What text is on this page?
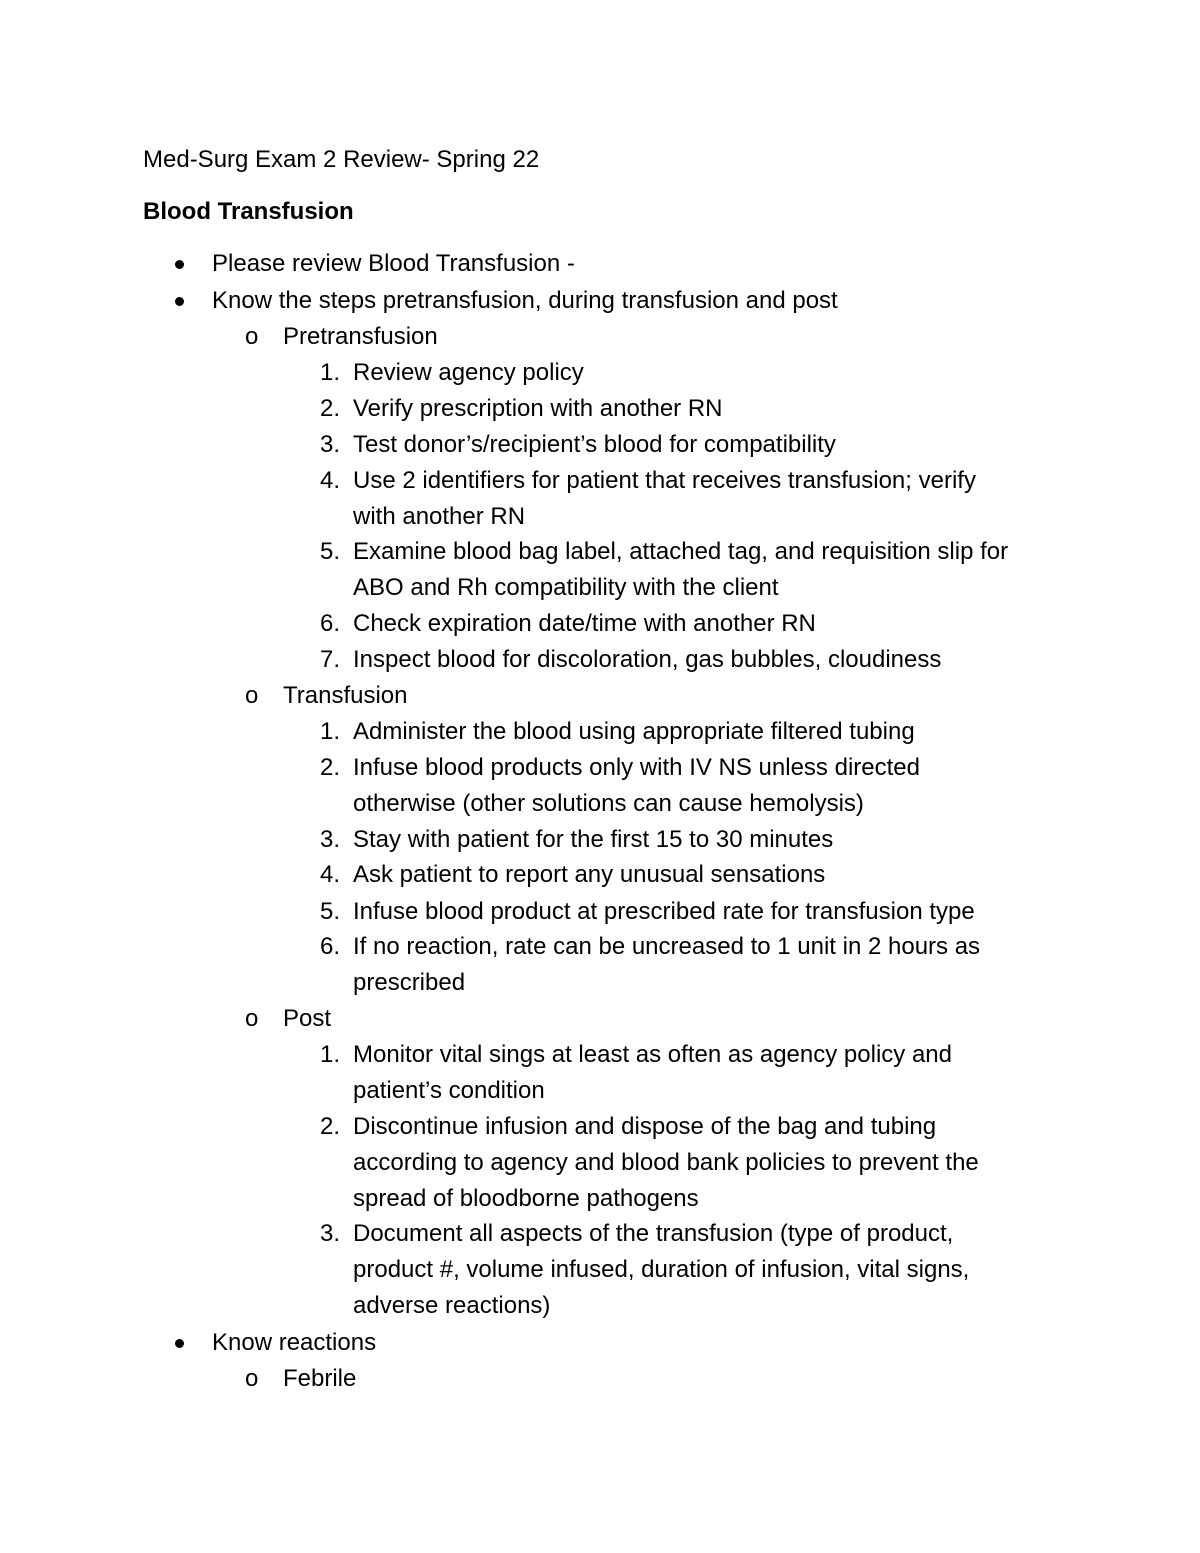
Med-Surg Exam 2 Review- Spring 22
Blood Transfusion
Please review Blood Transfusion -
Know the steps pretransfusion, during transfusion and post
o Pretransfusion
1. Review agency policy
2. Verify prescription with another RN
3. Test donor’s/recipient’s blood for compatibility
4. Use 2 identifiers for patient that receives transfusion; verify
with another RN
5. Examine blood bag label, attached tag, and requisition slip for
ABO and Rh compatibility with the client
6. Check expiration date/time with another RN
7. Inspect blood for discoloration, gas bubbles, cloudiness
o Transfusion
1. Administer the blood using appropriate filtered tubing
2. Infuse blood products only with IV NS unless directed
otherwise (other solutions can cause hemolysis)
3. Stay with patient for the first 15 to 30 minutes
4. Ask patient to report any unusual sensations
5. Infuse blood product at prescribed rate for transfusion type
6. If no reaction, rate can be uncreased to 1 unit in 2 hours as
prescribed
o Post
1. Monitor vital sings at least as often as agency policy and
patient’s condition
2. Discontinue infusion and dispose of the bag and tubing
according to agency and blood bank policies to prevent the
spread of bloodborne pathogens
3. Document all aspects of the transfusion (type of product,
product #, volume infused, duration of infusion, vital signs,
adverse reactions)
Know reactions
o Febrile
